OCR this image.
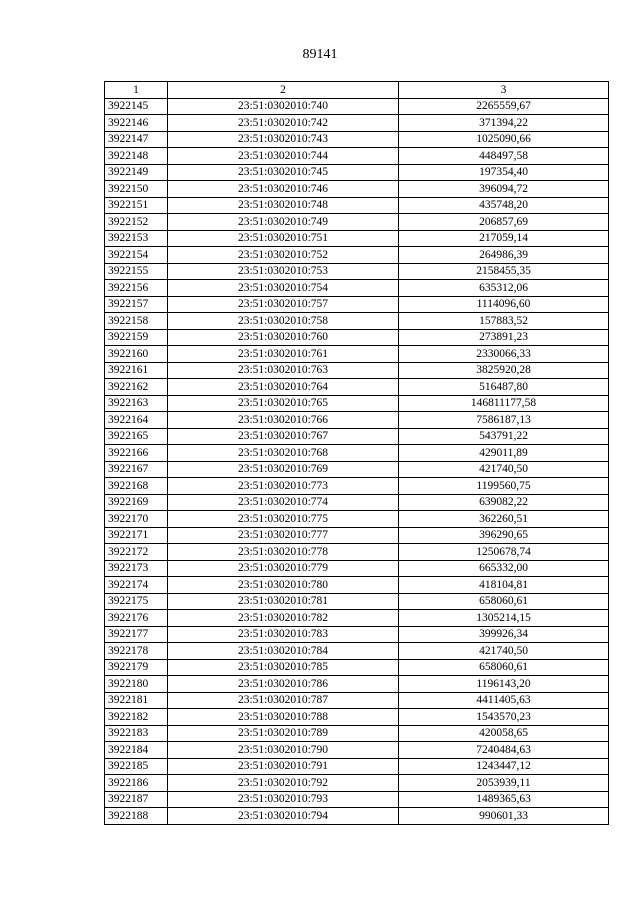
89141
1	2	3
3922145	23:51:0302010:740	2265559,67
3922146	23:51:0302010:742	371394,22
3922147	23:51:0302010:743	1025090,66
3922148	23:51:0302010:744	448497,58
3922149	23:51:0302010:745	197354,40
3922150	23:51:0302010:746	396094,72
3922151	23:51:0302010:748	435748,20
3922152	23:51:0302010:749	206857,69
3922153	23:51:0302010:751	217059,14
3922154	23:51:0302010:752	264986,39
3922155	23:51:0302010:753	2158455,35
3922156	23:51:0302010:754	635312,06
3922157	23:51:0302010:757	1114096,60
3922158	23:51:0302010:758	157883,52
3922159	23:51:0302010:760	273891,23
3922160	23:51:0302010:761	2330066,33
3922161	23:51:0302010:763	3825920,28
3922162	23:51:0302010:764	516487,80
3922163	23:51:0302010:765	146811177,58
3922164	23:51:0302010:766	7586187,13
3922165	23:51:0302010:767	543791,22
3922166	23:51:0302010:768	429011,89
3922167	23:51:0302010:769	421740,50
3922168	23:51:0302010:773	1199560,75
3922169	23:51:0302010:774	639082,22
3922170	23:51:0302010:775	362260,51
3922171	23:51:0302010:777	396290,65
3922172	23:51:0302010:778	1250678,74
3922173	23:51:0302010:779	665332,00
3922174	23:51:0302010:780	418104,81
3922175	23:51:0302010:781	658060,61
3922176	23:51:0302010:782	1305214,15
3922177	23:51:0302010:783	399926,34
3922178	23:51:0302010:784	421740,50
3922179	23:51:0302010:785	658060,61
3922180	23:51:0302010:786	1196143,20
3922181	23:51:0302010:787	4411405,63
3922182	23:51:0302010:788	1543570,23
3922183	23:51:0302010:789	420058,65
3922184	23:51:0302010:790	7240484,63
3922185	23:51:0302010:791	1243447,12
3922186	23:51:0302010:792	2053939,11
3922187	23:51:0302010:793	1489365,63
3922188	23:51:0302010:794	990601,33
